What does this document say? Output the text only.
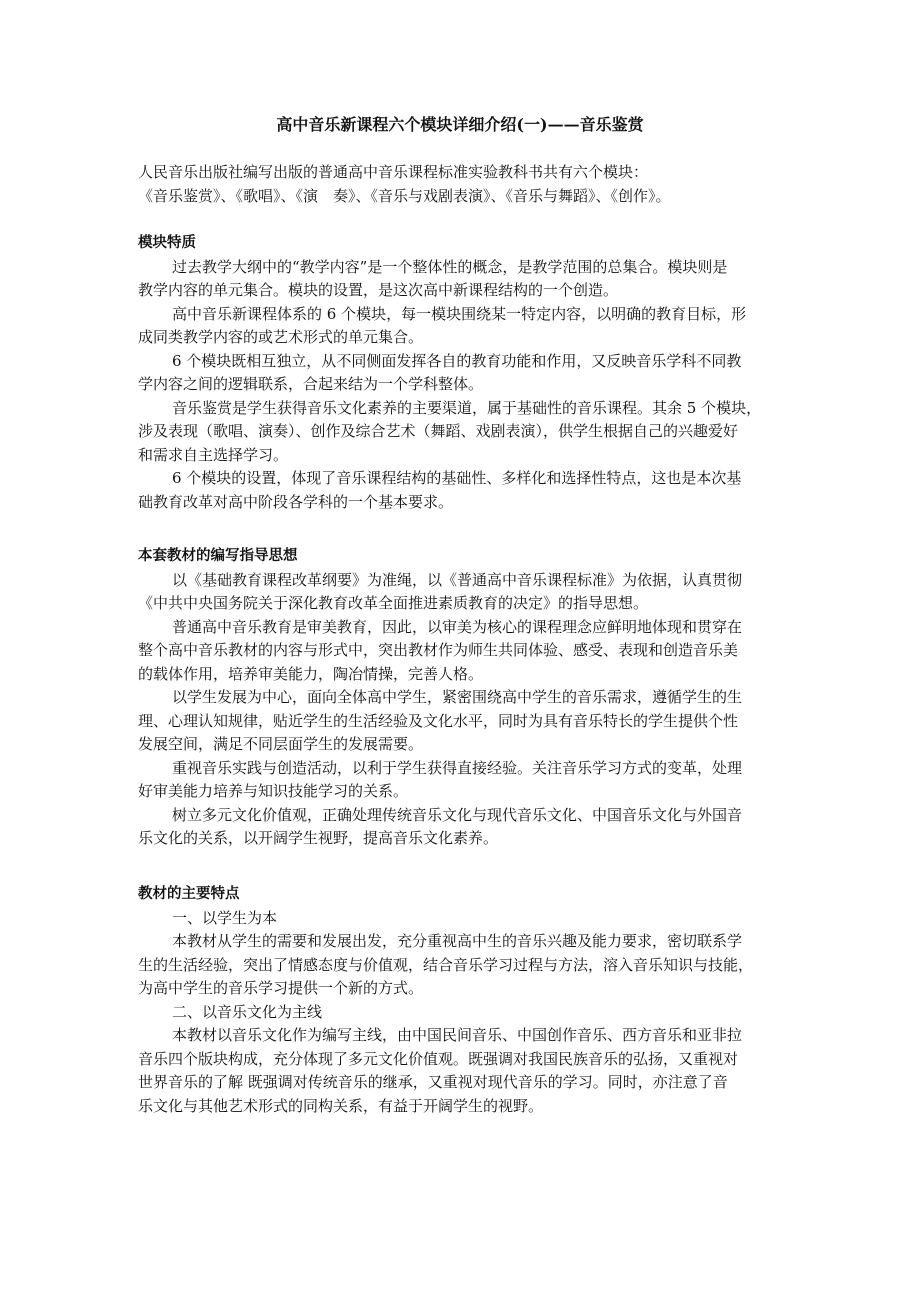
高中音乐新课程六个模块详细介绍(一)——音乐鉴赏
人民音乐出版社编写出版的普通高中音乐课程标准实验教科书共有六个模块：
《音乐鉴赏》、《歌唱》、《演　奏》、《音乐与戏剧表演》、《音乐与舞蹈》、《创作》。
模块特质
过去教学大纲中的“教学内容”是一个整体性的概念，是教学范围的总集合。模块则是
教学内容的单元集合。模块的设置，是这次高中新课程结构的一个创造。
高中音乐新课程体系的 6 个模块，每一模块围绕某一特定内容，以明确的教育目标，形
成同类教学内容的或艺术形式的单元集合。
6 个模块既相互独立，从不同侧面发挥各自的教育功能和作用，又反映音乐学科不同教
学内容之间的逻辑联系，合起来结为一个学科整体。
音乐鉴赏是学生获得音乐文化素养的主要渠道，属于基础性的音乐课程。其余 5 个模块，
涉及表现（歌唱、演奏）、创作及综合艺术（舞蹈、戏剧表演），供学生根据自己的兴趣爱好
和需求自主选择学习。
6 个模块的设置，体现了音乐课程结构的基础性、多样化和选择性特点，这也是本次基
础教育改革对高中阶段各学科的一个基本要求。
本套教材的编写指导思想
以《基础教育课程改革纲要》为准绳，以《普通高中音乐课程标准》为依据，认真贯彻
《中共中央国务院关于深化教育改革全面推进素质教育的决定》的指导思想。
普通高中音乐教育是审美教育，因此，以审美为核心的课程理念应鲜明地体现和贯穿在
整个高中音乐教材的内容与形式中，突出教材作为师生共同体验、感受、表现和创造音乐美
的载体作用，培养审美能力，陶冶情操，完善人格。
以学生发展为中心，面向全体高中学生，紧密围绕高中学生的音乐需求，遵循学生的生
理、心理认知规律，贴近学生的生活经验及文化水平，同时为具有音乐特长的学生提供个性
发展空间，满足不同层面学生的发展需要。
重视音乐实践与创造活动，以利于学生获得直接经验。关注音乐学习方式的变革，处理
好审美能力培养与知识技能学习的关系。
树立多元文化价值观，正确处理传统音乐文化与现代音乐文化、中国音乐文化与外国音
乐文化的关系，以开阔学生视野，提高音乐文化素养。
教材的主要特点
一、以学生为本
本教材从学生的需要和发展出发，充分重视高中生的音乐兴趣及能力要求，密切联系学
生的生活经验，突出了情感态度与价值观，结合音乐学习过程与方法，溶入音乐知识与技能，
为高中学生的音乐学习提供一个新的方式。
二、以音乐文化为主线
本教材以音乐文化作为编写主线，由中国民间音乐、中国创作音乐、西方音乐和亚非拉
音乐四个版块构成，充分体现了多元文化价值观。既强调对我国民族音乐的弘扬，又重视对
世界音乐的了解 既强调对传统音乐的继承，又重视对现代音乐的学习。同时，亦注意了音
乐文化与其他艺术形式的同构关系，有益于开阔学生的视野。
